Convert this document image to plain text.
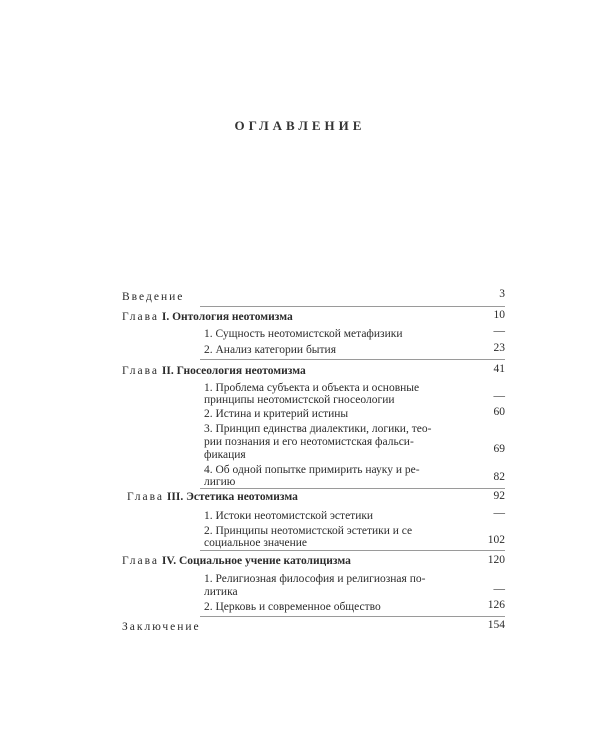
ОГЛАВЛЕНИЕ
Введение	3
Глава I. Онтология неотомизма	10
1. Сущность неотомистской метафизики	—
2. Анализ категории бытия	23
Глава II. Гносеология неотомизма	41
1. Проблема субъекта и объекта и основные
принципы неотомистской гносеологии	—
2. Истина и критерий истины	60
3. Принцип единства диалектики, логики, тео-
рии познания и его неотомистская фальси-
фикация	69
4. Об одной попытке примирить науку и ре-
лигию	82
Глава III. Эстетика неотомизма	92
1. Истоки неотомистской эстетики	—
2. Принципы неотомистской эстетики и се
социальное значение	102
Глава IV. Социальное учение католицизма	120
1. Религиозная философия и религиозная по-
литика	—
2. Церковь и современное общество	126
Заключение	154
